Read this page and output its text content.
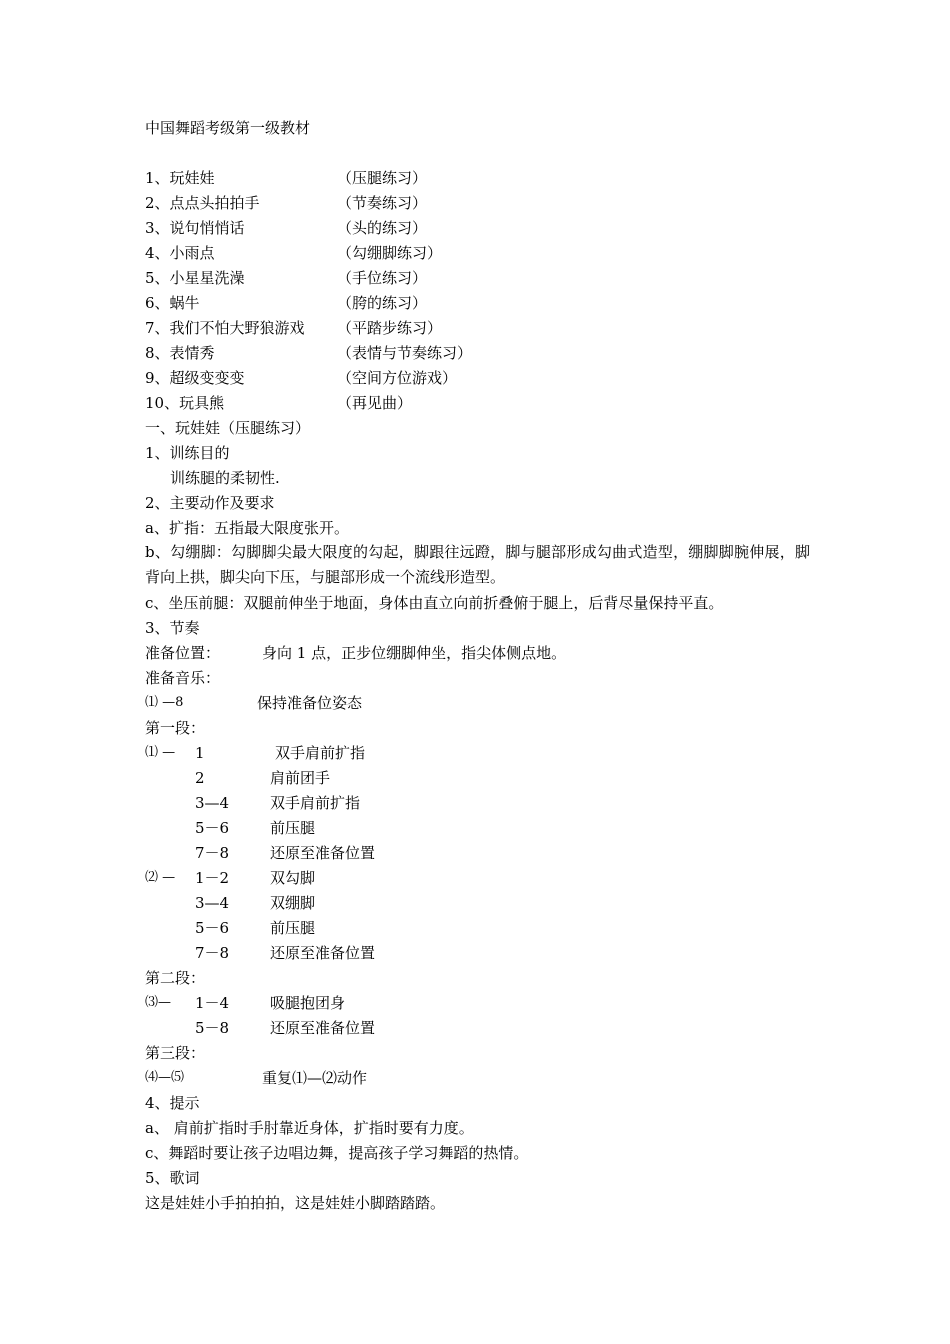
中国舞蹈考级第一级教材
1、玩娃娃	（压腿练习）
2、点点头拍拍手	（节奏练习）
3、说句悄悄话	（头的练习）
4、小雨点	（勾绷脚练习）
5、小星星洗澡	（手位练习）
6、蜗牛	（胯的练习）
7、我们不怕大野狼游戏 （平踏步练习）
8、表情秀	（表情与节奏练习）
9、超级变变变	（空间方位游戏）
10、玩具熊	（再见曲）
一、玩娃娃（压腿练习）
1、训练目的
训练腿的柔韧性.
2、主要动作及要求
a、扩指：五指最大限度张开。
b、勾绷脚：勾脚脚尖最大限度的勾起，脚跟往远蹬，脚与腿部形成勾曲式造型，绷脚脚腕伸展，脚背向上拱，脚尖向下压，与腿部形成一个流线形造型。
c、坐压前腿：双腿前伸坐于地面，身体由直立向前折叠俯于腿上，后背尽量保持平直。
3、节奏
准备位置：	身向 1 点，正步位绷脚伸坐，指尖体侧点地。
准备音乐：
⑴ —8	保持准备位姿态
第一段：
⑴ — 1	双手肩前扩指
2	肩前团手
3—4	双手肩前扩指
5－6	前压腿
7－8	还原至准备位置
⑵ — 1－2	双勾脚
3—4	双绷脚
5－6	前压腿
7－8	还原至准备位置
第二段：
⑶— 1－4	吸腿抱团身
5－8	还原至准备位置
第三段：
⑷—⑸	重复⑴—⑵动作
4、提示
a、 肩前扩指时手肘靠近身体，扩指时要有力度。
c、舞蹈时要让孩子边唱边舞，提高孩子学习舞蹈的热情。
5、歌词
这是娃娃小手拍拍拍，这是娃娃小脚踏踏踏。
